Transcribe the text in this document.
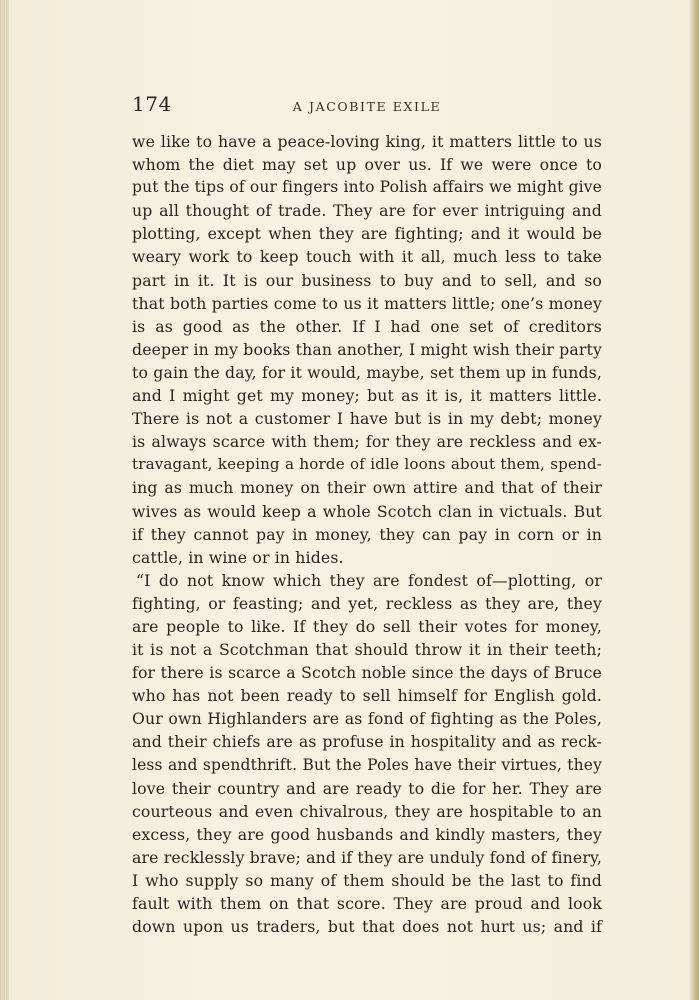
174	A JACOBITE EXILE
we like to have a peace-loving king, it matters little to us
whom the diet may set up over us. If we were once to
put the tips of our fingers into Polish affairs we might give
up all thought of trade. They are for ever intriguing and
plotting, except when they are fighting; and it would be
weary work to keep touch with it all, much less to take
part in it. It is our business to buy and to sell, and so
that both parties come to us it matters little; one’s money
is as good as the other. If I had one set of creditors
deeper in my books than another, I might wish their party
to gain the day, for it would, maybe, set them up in funds,
and I might get my money; but as it is, it matters little.
There is not a customer I have but is in my debt; money
is always scarce with them; for they are reckless and ex-
travagant, keeping a horde of idle loons about them, spend-
ing as much money on their own attire and that of their
wives as would keep a whole Scotch clan in victuals. But
if they cannot pay in money, they can pay in corn or in
cattle, in wine or in hides.
“I do not know which they are fondest of—plotting, or
fighting, or feasting; and yet, reckless as they are, they
are people to like. If they do sell their votes for money,
it is not a Scotchman that should throw it in their teeth;
for there is scarce a Scotch noble since the days of Bruce
who has not been ready to sell himself for English gold.
Our own Highlanders are as fond of fighting as the Poles,
and their chiefs are as profuse in hospitality and as reck-
less and spendthrift. But the Poles have their virtues, they
love their country and are ready to die for her. They are
courteous and even chivalrous, they are hospitable to an
excess, they are good husbands and kindly masters, they
are recklessly brave; and if they are unduly fond of finery,
I who supply so many of them should be the last to find
fault with them on that score. They are proud and look
down upon us traders, but that does not hurt us; and if
